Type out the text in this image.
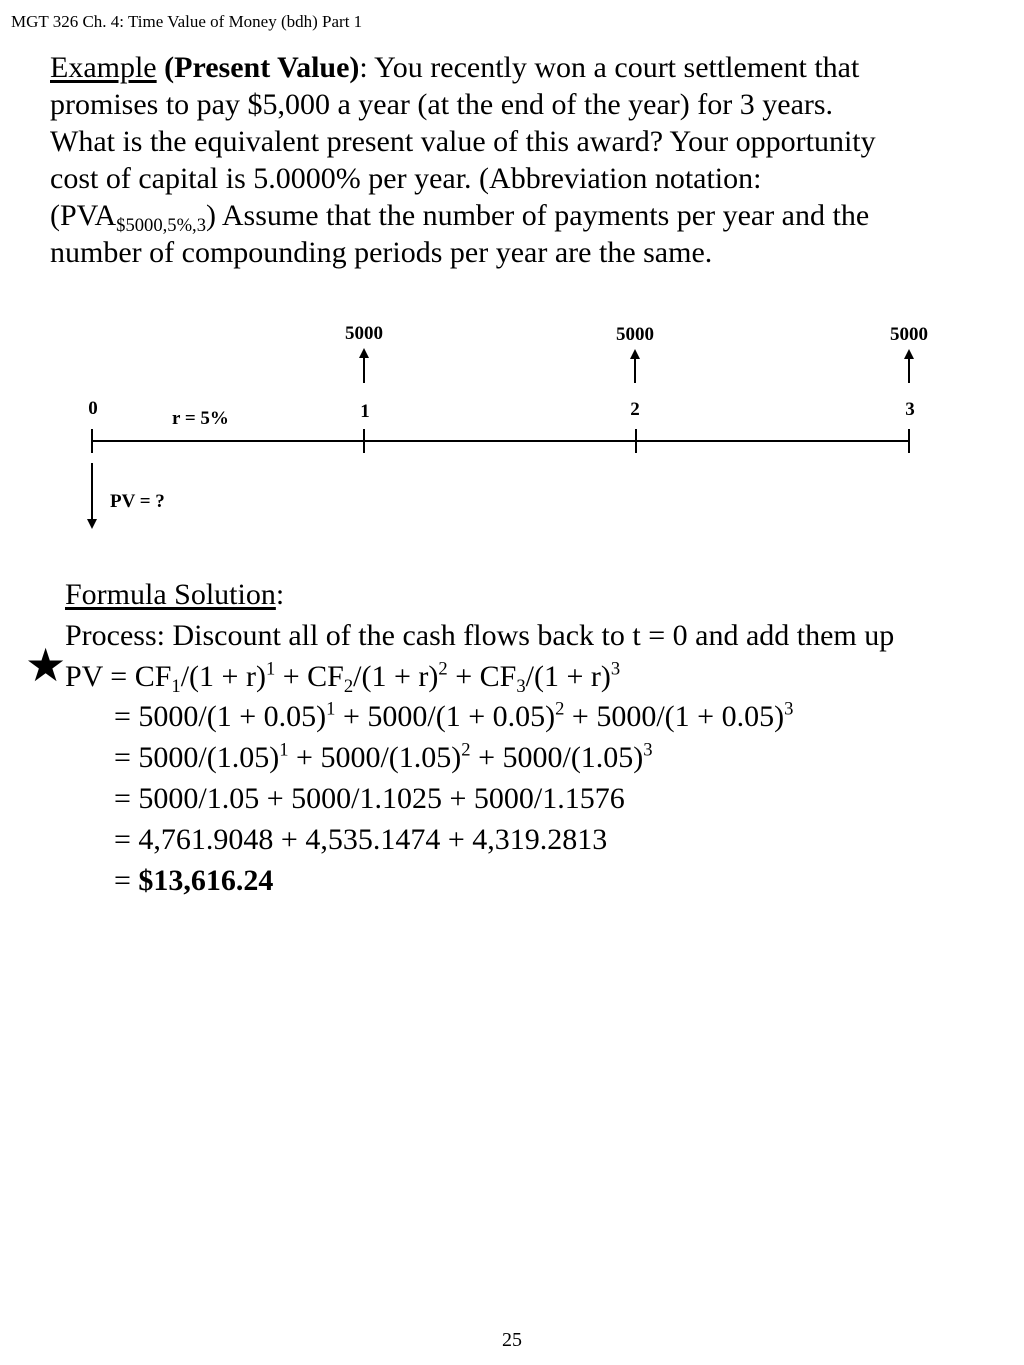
MGT 326 Ch. 4: Time Value of Money (bdh) Part 1
Example (Present Value): You recently won a court settlement that
promises to pay $5,000 a year (at the end of the year) for 3 years.
What is the equivalent present value of this award? Your opportunity
cost of capital is 5.0000% per year. (Abbreviation notation:
$(PVA_{\$5000,5\%,3})$ Assume that the number of payments per year and the
number of compounding periods per year are the same.
0	1	2	3
r = 5%
5000	5000	5000
PV = ?
★
Formula Solution:
Process: Discount all of the cash flows back to t = 0 and add them up
PV = $CF_1/(1 + r)^1 + CF_2/(1 + r)^2 + CF_3/(1 + r)^3$
= $5000/(1 + 0.05)^1 + 5000/(1 + 0.05)^2 + 5000/(1 + 0.05)^3$
= $5000/(1.05)^1 + 5000/(1.05)^2 + 5000/(1.05)^3$
= 5000/1.05 + 5000/1.1025 + 5000/1.1576
= 4,761.9048 + 4,535.1474 + 4,319.2813
= $13,616.24
25
